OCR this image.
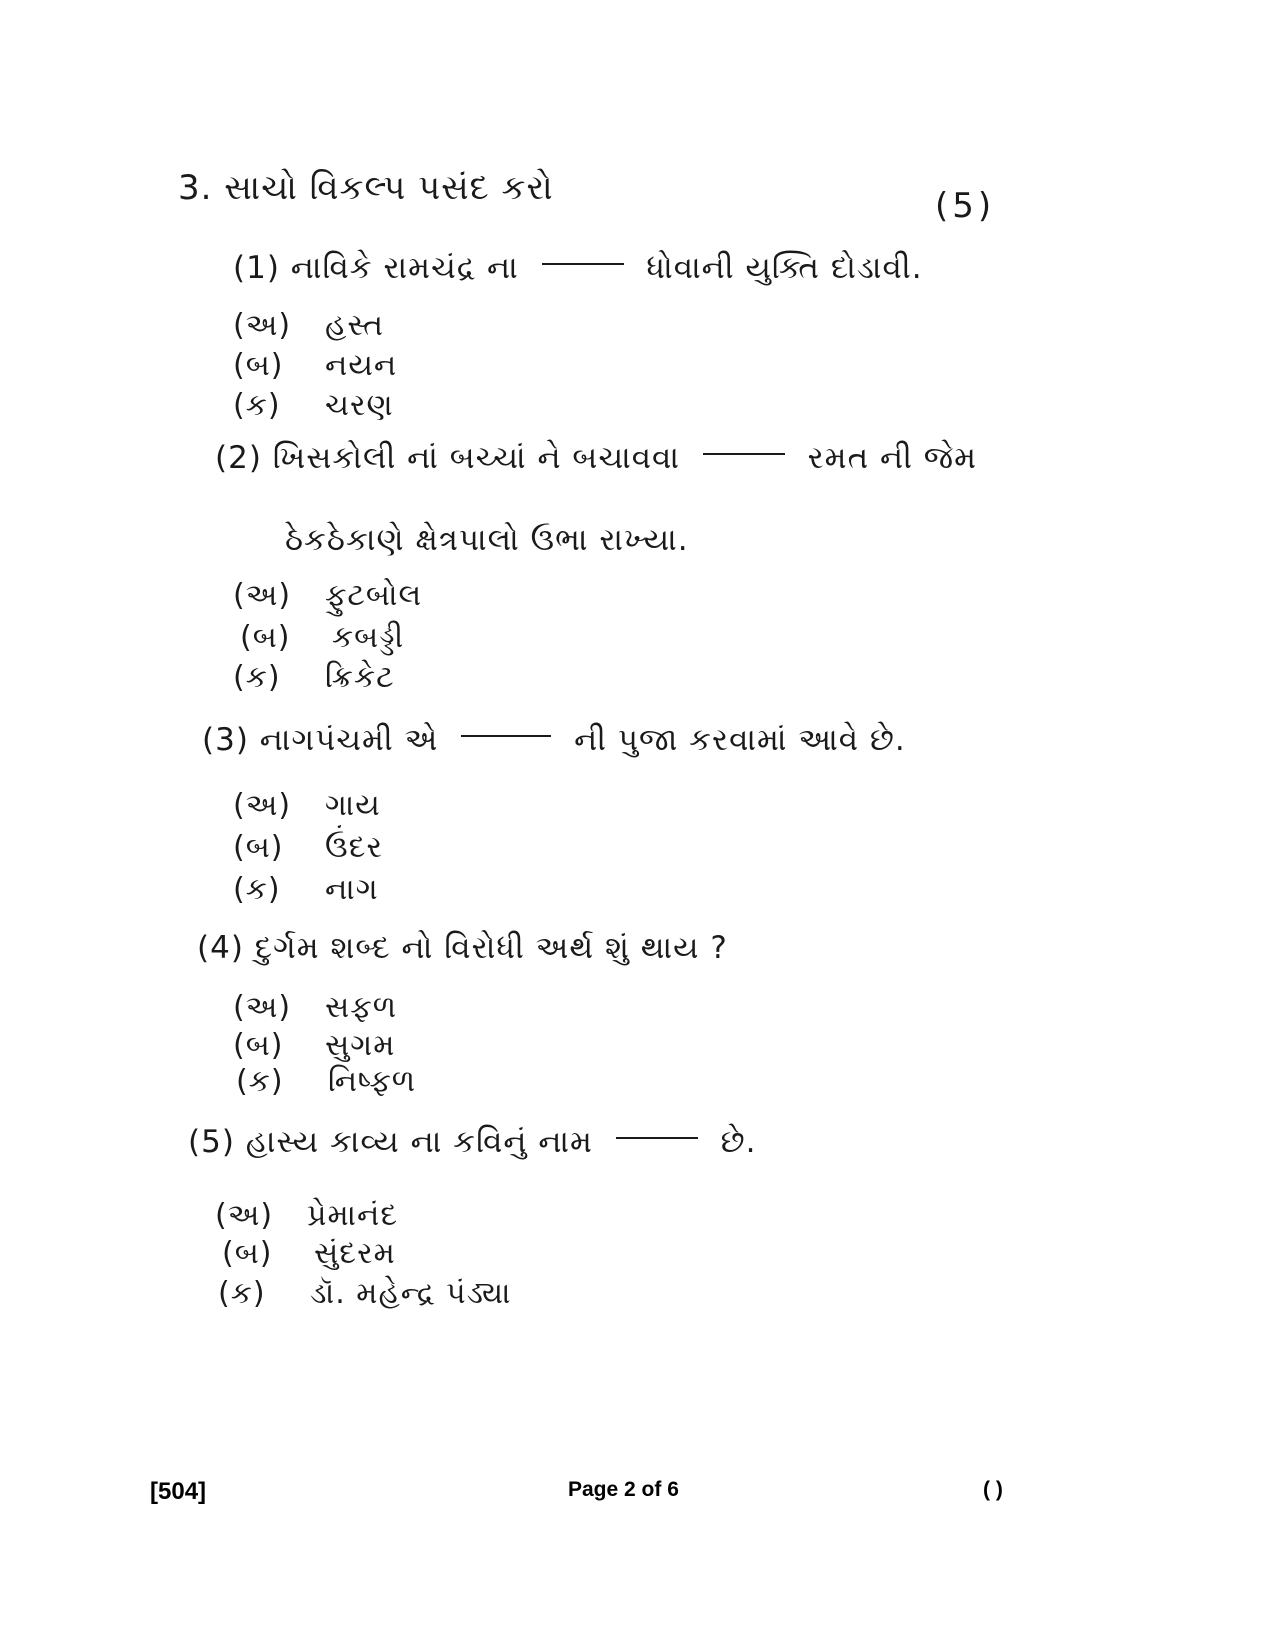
3. સાચો વિકલ્પ પસંદ કરો	(5)
(1) નાવિકે રામચંદ્ર ના	ધોવાની યુક્તિ દોડાવી.
(અ) હસ્ત
(બ) નયન
(ક) ચરણ
(2) ખિસકોલી નાં બચ્ચાં ને બચાવવા	રમત ની જેમ
ઠેકઠેકાણે ક્ષેત્રપાલો ઉભા રાખ્યા.
(અ) ફુટબોલ
(બ) કબડ્ડી
(ક) ક્રિકેટ
(3) નાગપંચમી એ	ની પુજા કરવામાં આવે છે.
(અ) ગાય
(બ) ઉંદર
(ક) નાગ
(4) દુર્ગમ શબ્દ નો વિરોધી અર્થ શું થાય ?
(અ) સફળ
(બ) સુગમ
(ક) નિષ્ફળ
(5) હાસ્ય કાવ્ય ના કવિનું નામ	છે.
(અ) પ્રેમાનંદ
(બ) સુંદરમ
(ક) ડૉ. મહેન્દ્ર પંડ્યા
[504]	Page 2 of 6	( )
